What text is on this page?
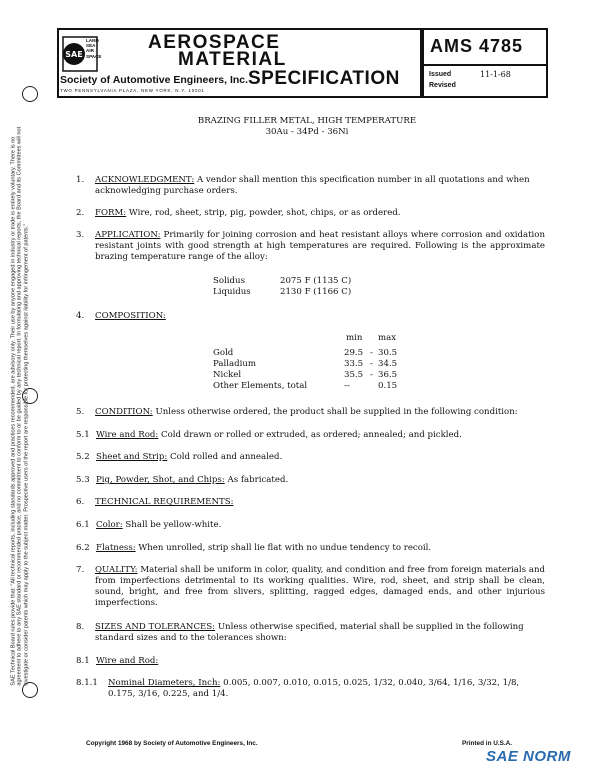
SAE Technical Board rules provide that: "All technical reports, including standards approved and practices recommended, are advisory only. Their use by anyone engaged in industry or trade is entirely voluntary. There is no agreement to adhere to any SAE standard or recommended practice, and no commitment to conform to or be guided by any technical report. In formulating and approving technical reports, the Board and its Committees will not investigate or consider patents which may apply to the subject matter. Prospective users of the report are responsible for protecting themselves against liability for infringement of patents."
SAE
LAND
SEA
AIR
SPACE
AEROSPACE
MATERIAL
SPECIFICATION
Society of Automotive Engineers, Inc.
TWO PENNSYLVANIA PLAZA, NEW YORK, N.Y. 10001
AMS 4785
Issued	11-1-68
Revised
BRAZING FILLER METAL, HIGH TEMPERATURE
30Au - 34Pd - 36Ni
1. ACKNOWLEDGMENT: A vendor shall mention this specification number in all quotations and when acknowledging purchase orders.
2. FORM: Wire, rod, sheet, strip, pig, powder, shot, chips, or as ordered.
3. APPLICATION: Primarily for joining corrosion and heat resistant alloys where corrosion and oxidation resistant joints with good strength at high temperatures are required. Following is the approximate brazing temperature range of the alloy:
Solidus	2075 F (1135 C)
Liquidus	2130 F (1166 C)
4. COMPOSITION:
min max
Gold	29.5	-	30.5
Palladium	33.5	-	34.5
Nickel	35.5	-	36.5
Other Elements, total	--		0.15
5. CONDITION: Unless otherwise ordered, the product shall be supplied in the following condition:
5.1 Wire and Rod: Cold drawn or rolled or extruded, as ordered; annealed; and pickled.
5.2 Sheet and Strip: Cold rolled and annealed.
5.3 Pig, Powder, Shot, and Chips: As fabricated.
6. TECHNICAL REQUIREMENTS:
6.1 Color: Shall be yellow-white.
6.2 Flatness: When unrolled, strip shall lie flat with no undue tendency to recoil.
7. QUALITY: Material shall be uniform in color, quality, and condition and free from foreign materials and from imperfections detrimental to its working qualities. Wire, rod, sheet, and strip shall be clean, sound, bright, and free from slivers, splitting, ragged edges, damaged ends, and other injurious imperfections.
8. SIZES AND TOLERANCES: Unless otherwise specified, material shall be supplied in the following standard sizes and to the tolerances shown:
8.1 Wire and Rod:
8.1.1 Nominal Diameters, Inch: 0.005, 0.007, 0.010, 0.015, 0.025, 1/32, 0.040, 3/64, 1/16, 3/32, 1/8, 0.175, 3/16, 0.225, and 1/4.
Copyright 1968 by Society of Automotive Engineers, Inc.	Printed in U.S.A.
SAE NORM
